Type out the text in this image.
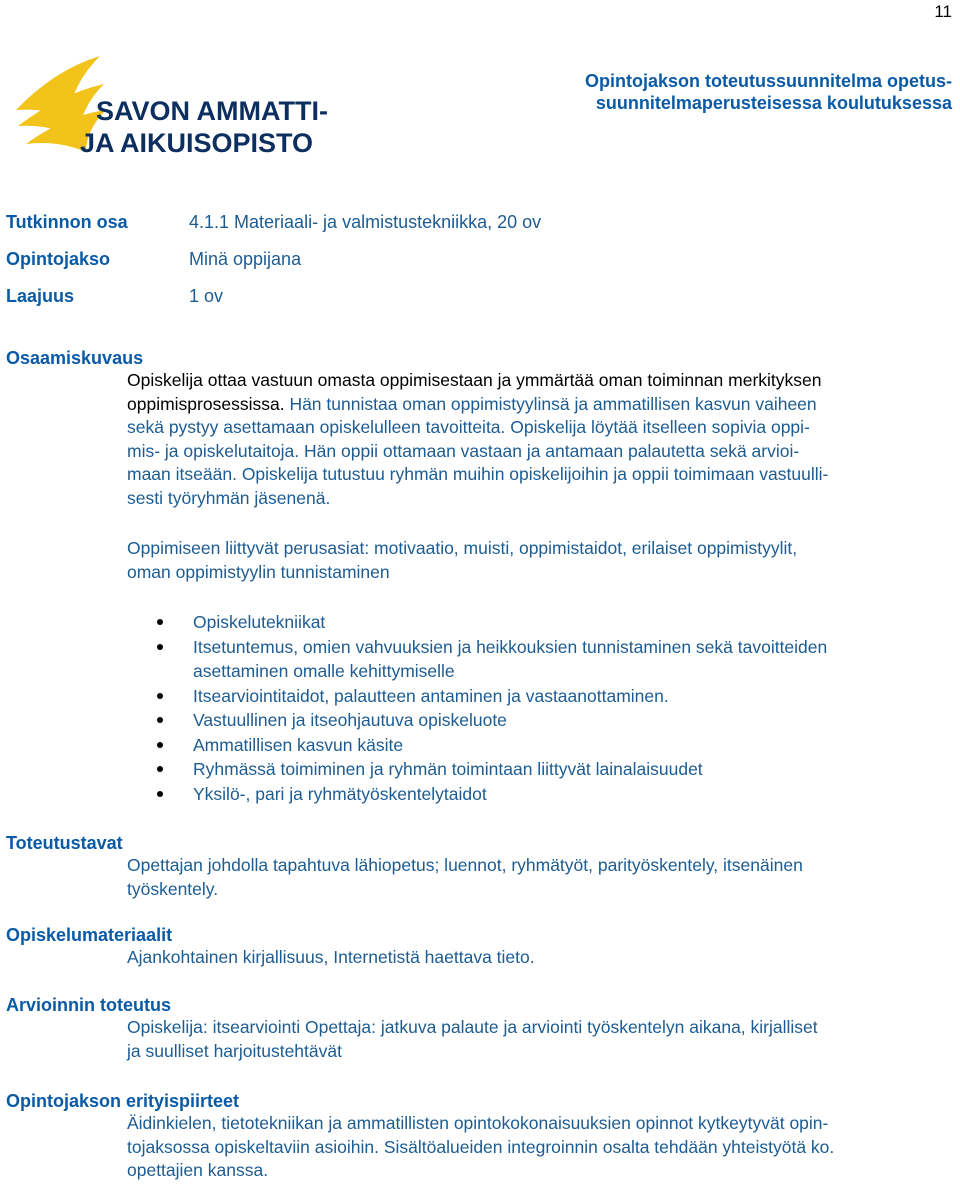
11
SAVON AMMATTI-
JA AIKUISOPISTO
Opintojakson toteutussuunnitelma opetus-
suunnitelmaperusteisessa koulutuksessa
Tutkinnon osa	4.1.1 Materiaali- ja valmistustekniikka, 20 ov
Opintojakso	Minä oppijana
Laajuus	1 ov
Osaamiskuvaus
Opiskelija ottaa vastuun omasta oppimisestaan ja ymmärtää oman toiminnan merkityksen
oppimisprosessissa. Hän tunnistaa oman oppimistyylinsä ja ammatillisen kasvun vaiheen
sekä pystyy asettamaan opiskelulleen tavoitteita. Opiskelija löytää itselleen sopivia oppi-
mis- ja opiskelutaitoja. Hän oppii ottamaan vastaan ja antamaan palautetta sekä arvioi-
maan itseään. Opiskelija tutustuu ryhmän muihin opiskelijoihin ja oppii toimimaan vastuulli-
sesti työryhmän jäsenenä.
Oppimiseen liittyvät perusasiat: motivaatio, muisti, oppimistaidot, erilaiset oppimistyylit,
oman oppimistyylin tunnistaminen
Opiskelutekniikat
Itsetuntemus, omien vahvuuksien ja heikkouksien tunnistaminen sekä tavoitteiden
asettaminen omalle kehittymiselle
Itsearviointitaidot, palautteen antaminen ja vastaanottaminen.
Vastuullinen ja itseohjautuva opiskeluote
Ammatillisen kasvun käsite
Ryhmässä toimiminen ja ryhmän toimintaan liittyvät lainalaisuudet
Yksilö-, pari ja ryhmätyöskentelytaidot
Toteutustavat
Opettajan johdolla tapahtuva lähiopetus; luennot, ryhmätyöt, parityöskentely, itsenäinen
työskentely.
Opiskelumateriaalit
Ajankohtainen kirjallisuus, Internetistä haettava tieto.
Arvioinnin toteutus
Opiskelija: itsearviointi Opettaja: jatkuva palaute ja arviointi työskentelyn aikana, kirjalliset
ja suulliset harjoitustehtävät
Opintojakson erityispiirteet
Äidinkielen, tietotekniikan ja ammatillisten opintokokonaisuuksien opinnot kytkeytyvät opin-
tojaksossa opiskeltaviin asioihin. Sisältöalueiden integroinnin osalta tehdään yhteistyötä ko.
opettajien kanssa.
